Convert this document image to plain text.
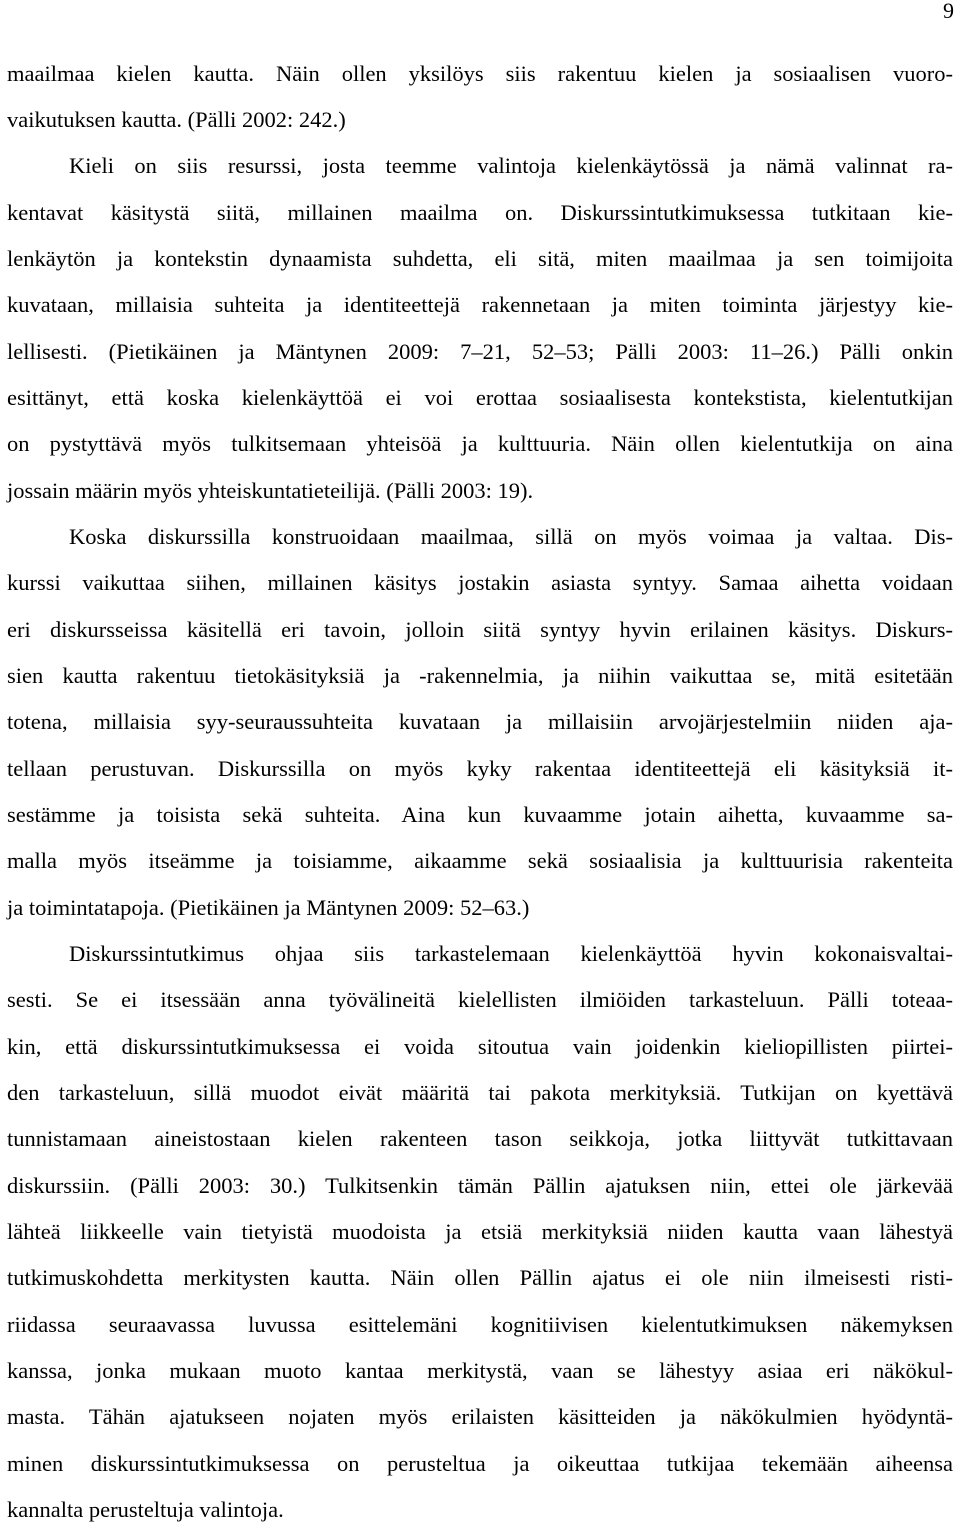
9
maailmaa kielen kautta. Näin ollen yksilöys siis rakentuu kielen ja sosiaalisen vuoro-
vaikutuksen kautta. (Pälli 2002: 242.)
Kieli on siis resurssi, josta teemme valintoja kielenkäytössä ja nämä valinnat ra-
kentavat käsitystä siitä, millainen maailma on. Diskurssintutkimuksessa tutkitaan kie-
lenkäytön ja kontekstin dynaamista suhdetta, eli sitä, miten maailmaa ja sen toimijoita
kuvataan, millaisia suhteita ja identiteettejä rakennetaan ja miten toiminta järjestyy kie-
lellisesti. (Pietikäinen ja Mäntynen 2009: 7‒21, 52‒53; Pälli 2003: 11‒26.) Pälli onkin
esittänyt, että koska kielenkäyttöä ei voi erottaa sosiaalisesta kontekstista, kielentutkijan
on pystyttävä myös tulkitsemaan yhteisöä ja kulttuuria. Näin ollen kielentutkija on aina
jossain määrin myös yhteiskuntatieteilijä. (Pälli 2003: 19).
Koska diskurssilla konstruoidaan maailmaa, sillä on myös voimaa ja valtaa. Dis-
kurssi vaikuttaa siihen, millainen käsitys jostakin asiasta syntyy. Samaa aihetta voidaan
eri diskursseissa käsitellä eri tavoin, jolloin siitä syntyy hyvin erilainen käsitys. Diskurs-
sien kautta rakentuu tietokäsityksiä ja -rakennelmia, ja niihin vaikuttaa se, mitä esitetään
totena, millaisia syy-seuraussuhteita kuvataan ja millaisiin arvojärjestelmiin niiden aja-
tellaan perustuvan. Diskurssilla on myös kyky rakentaa identiteettejä eli käsityksiä it-
sestämme ja toisista sekä suhteita. Aina kun kuvaamme jotain aihetta, kuvaamme sa-
malla myös itseämme ja toisiamme, aikaamme sekä sosiaalisia ja kulttuurisia rakenteita
ja toimintatapoja. (Pietikäinen ja Mäntynen 2009: 52‒63.)
Diskurssintutkimus ohjaa siis tarkastelemaan kielenkäyttöä hyvin kokonaisvaltai-
sesti. Se ei itsessään anna työvälineitä kielellisten ilmiöiden tarkasteluun. Pälli toteaa-
kin, että diskurssintutkimuksessa ei voida sitoutua vain joidenkin kieliopillisten piirtei-
den tarkasteluun, sillä muodot eivät määritä tai pakota merkityksiä. Tutkijan on kyettävä
tunnistamaan aineistostaan kielen rakenteen tason seikkoja, jotka liittyvät tutkittavaan
diskurssiin. (Pälli 2003: 30.) Tulkitsenkin tämän Pällin ajatuksen niin, ettei ole järkevää
lähteä liikkeelle vain tietyistä muodoista ja etsiä merkityksiä niiden kautta vaan lähestyä
tutkimuskohdetta merkitysten kautta. Näin ollen Pällin ajatus ei ole niin ilmeisesti risti-
riidassa seuraavassa luvussa esittelemäni kognitiivisen kielentutkimuksen näkemyksen
kanssa, jonka mukaan muoto kantaa merkitystä, vaan se lähestyy asiaa eri näkökul-
masta. Tähän ajatukseen nojaten myös erilaisten käsitteiden ja näkökulmien hyödyntä-
minen diskurssintutkimuksessa on perusteltua ja oikeuttaa tutkijaa tekemään aiheensa
kannalta perusteltuja valintoja.
